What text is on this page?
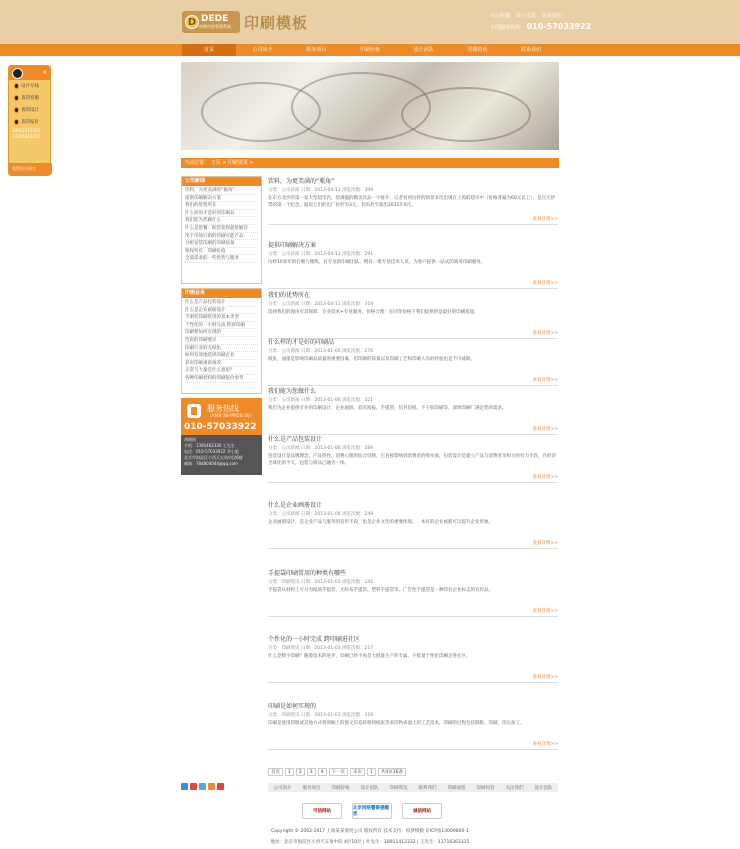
D DEDE
织梦内容管理系统 印刷模板	加入收藏 设为首页 联系我们
全国服务热线： 010-57033922
首页	公司简介	服务项目	印刷价格	设计团队	印刷资讯	联系我们
当前位置： 主页 > 印刷资讯 >
公司新闻
饮料，为更美满的“瓶角”
提供印刷解决方案
我们的优势所在
什么样的才是好的印刷品
我们能为您做什么
什么是套餐：助您获得最优解答
用于市场行销的印刷可能产品
分析安装印刷的印刷质量
版权所有：印刷价值
全部需求的一些优势与服务
印刷业务
什么是产品包装设计
什么是企业画册设计
手册装印刷常用的基本类型
个性化的一小时完成 跨掉印刷
印刷要如何实现的
色彩的印刷要点
印刷行业的无纸化
如何有效地选择印刷企业
彩页印刷重新推荐
正常与大量是什么意思？
各种印刷材料的印刷报价参考
服务热线
（AM8:30-PM20:30）
010-57033922
胡刷网
手机：1391462330 王先生
电话：010-57033922 乔小姐
北京市海淀区小西天五角中段6楼
邮箱：784804044@qq.com
饮料，为更美满的“瓶角”
分类：公司新闻 日期：2013-04-11 浏览次数：399
在东方北沙的第一家大型超市内，装满瓶的精美饮品一字排开，记者看到这样的情景多次出现在上海的超市中（价格普遍为60元以上），是百元钞票的第一个纪念，据说它们的出厂价约为3元，有的甚至超出2011年6月。
查看详情>>
提供印刷解决方案
分类：公司新闻 日期：2013-04-11 浏览次数：291
历经10多年的打磨与锤炼，有专业的印刷团队、拥有一批专业技术人员。为客户提供一站式的商务印刷服务。
查看详情>>
我们的优势所在
分类：公司新闻 日期：2013-04-11 浏览次数：319
选择我们的理由有其保障：专业技术+专业服务、价格合理！在同等价格下我们提供的是最好的印刷质量。
查看详情>>
什么样的才是好的印刷品
分类：公司新闻 日期：2013-01-06 浏览次数：276
纸张，油墨是影响印刷品质量的重要因素，但印刷的质量以及印刷工艺和印刷人员的经验也是不可或缺。
查看详情>>
我们能为您做什么
分类：公司新闻 日期：2013-01-06 浏览次数：321
我们为企业提供专业的印刷设计，企业画册、彩页海报、手提袋、信封信纸、不干胶印刷等，深圳印刷厂满足您的需求。
查看详情>>
什么是产品包装设计
分类：公司新闻 日期：2013-01-06 浏览次数：289
包装设计是品牌理念、产品特性、消费心理的综合反映，它直接影响到消费者的购买欲，包装设计是建立产品与消费者亲和力的有力手段，在经济全球化的今天，包装与商品已融为一体。
查看详情>>
什么是企业画册设计
分类：公司新闻 日期：2013-01-06 浏览次数：249
企业画册设计，是企业产品与服务的宣传手段，也是企业文化的重要体现。一本好的企业画册可以提升企业形象。
查看详情>>
手提袋印刷常用的种类有哪些
分类：印刷资讯 日期：2013-01-03 浏览次数：242
手提袋从材料上可分为纸质手提袋、无纺布手提袋、塑料手提袋等。广告性手提袋是一种印有企业标志的宣传品。
查看详情>>
个性化的一小时完成 跨印刷进社区
分类：印刷资讯 日期：2013-01-03 浏览次数：217
什么是数字印刷？随着技术的进步，印刷已经不再是大批量生产的专属，小批量个性化印刷走进社区。
查看详情>>
印刷是如何实现的
分类：印刷资讯 日期：2013-01-03 浏览次数：316
印刷是使用印版或其他方式将原稿上的图文信息转移到纸张等承印物表面上的工艺技术，印刷的过程包括制版、印刷、印后加工。
查看详情>>
首页	1	2	3	4	下一页	末页	1	共4页36条
公司简介 服务项目 印刷价格 设计团队 印刷资讯 联系我们 印刷流程 印刷问答 关注我们 设计团队
可信网站
北京网络警察提醒您
诚信网站
Copyright © 2002-2017 上海某某商贸公司 版权所有 技术支持：织梦模板 京ICP备14009800-1
地址：北京市海淀区小西天五角中段 4层10层 | 叶先生：18911412332 | 王先生：13716363315
×
设计专线
查印客服
查印设计
查印报价
18911412332
13716363315
免费设计预定
